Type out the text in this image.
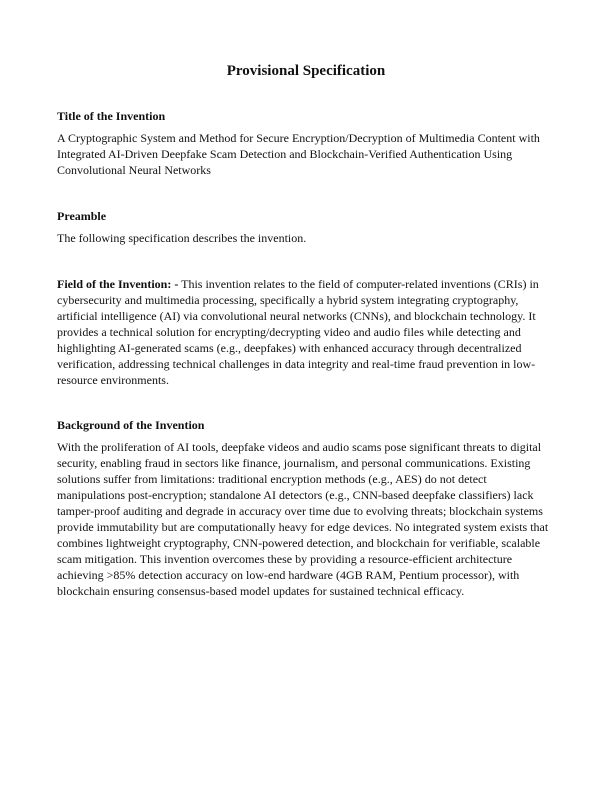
Provisional Specification
Title of the Invention

A Cryptographic System and Method for Secure Encryption/Decryption of Multimedia Content with Integrated AI-Driven Deepfake Scam Detection and Blockchain-Verified Authentication Using Convolutional Neural Networks

Preamble

The following specification describes the invention.

Field of the Invention: - This invention relates to the field of computer-related inventions (CRIs) in cybersecurity and multimedia processing, specifically a hybrid system integrating cryptography, artificial intelligence (AI) via convolutional neural networks (CNNs), and blockchain technology. It provides a technical solution for encrypting/decrypting video and audio files while detecting and highlighting AI-generated scams (e.g., deepfakes) with enhanced accuracy through decentralized verification, addressing technical challenges in data integrity and real-time fraud prevention in low-resource environments.

Background of the Invention

With the proliferation of AI tools, deepfake videos and audio scams pose significant threats to digital security, enabling fraud in sectors like finance, journalism, and personal communications. Existing solutions suffer from limitations: traditional encryption methods (e.g., AES) do not detect manipulations post-encryption; standalone AI detectors (e.g., CNN-based deepfake classifiers) lack tamper-proof auditing and degrade in accuracy over time due to evolving threats; blockchain systems provide immutability but are computationally heavy for edge devices. No integrated system exists that combines lightweight cryptography, CNN-powered detection, and blockchain for verifiable, scalable scam mitigation. This invention overcomes these by providing a resource-efficient architecture achieving >85% detection accuracy on low-end hardware (4GB RAM, Pentium processor), with blockchain ensuring consensus-based model updates for sustained technical efficacy.
